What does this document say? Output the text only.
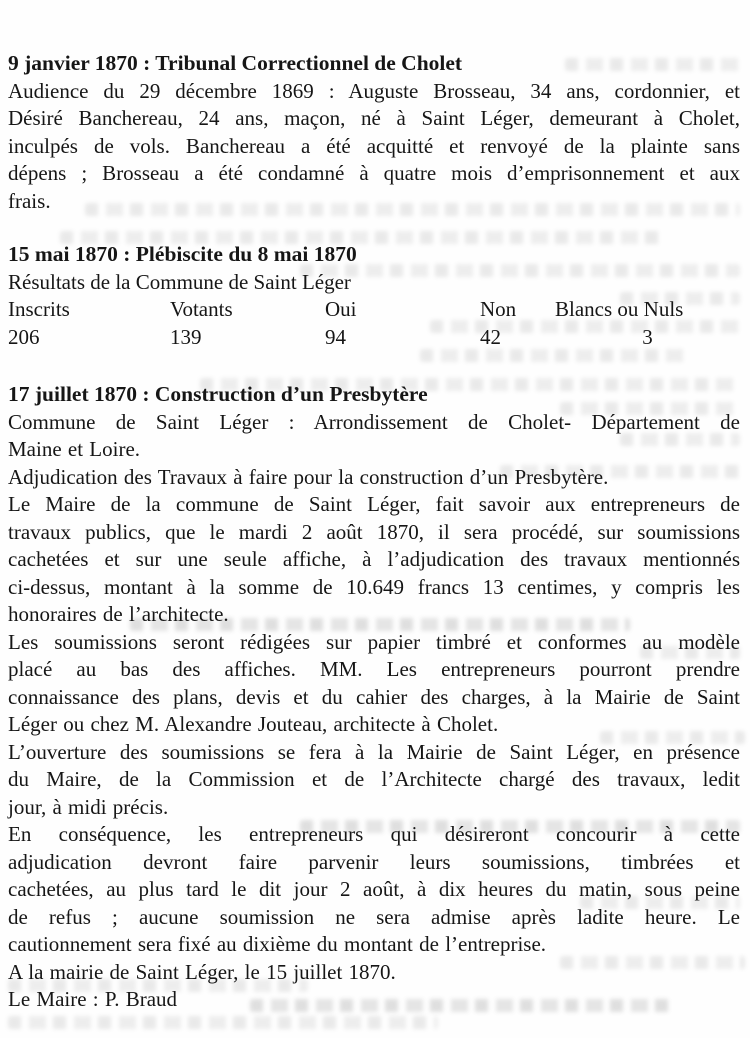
9 janvier 1870 : Tribunal Correctionnel de Cholet
Audience du 29 décembre 1869 : Auguste Brosseau, 34 ans, cordonnier, et
Désiré Banchereau, 24 ans, maçon, né à Saint Léger, demeurant à Cholet,
inculpés de vols. Banchereau a été acquitté et renvoyé de la plainte sans
dépens ; Brosseau a été condamné à quatre mois d’emprisonnement et aux
frais.
15 mai 1870 : Plébiscite du 8 mai 1870
Résultats de la Commune de Saint Léger
Inscrits	Votants	Oui	Non	Blancs ou Nuls
206	139	94	42	3
17 juillet 1870 : Construction d’un Presbytère
Commune de Saint Léger : Arrondissement de Cholet- Département de
Maine et Loire.
Adjudication des Travaux à faire pour la construction d’un Presbytère.
Le Maire de la commune de Saint Léger, fait savoir aux entrepreneurs de
travaux publics, que le mardi 2 août 1870, il sera procédé, sur soumissions
cachetées et sur une seule affiche, à l’adjudication des travaux mentionnés
ci-dessus, montant à la somme de 10.649 francs 13 centimes, y compris les
honoraires de l’architecte.
Les soumissions seront rédigées sur papier timbré et conformes au modèle
placé au bas des affiches. MM. Les entrepreneurs pourront prendre
connaissance des plans, devis et du cahier des charges, à la Mairie de Saint
Léger ou chez M. Alexandre Jouteau, architecte à Cholet.
L’ouverture des soumissions se fera à la Mairie de Saint Léger, en présence
du Maire, de la Commission et de l’Architecte chargé des travaux, ledit
jour, à midi précis.
En conséquence, les entrepreneurs qui désireront concourir à cette
adjudication devront faire parvenir leurs soumissions, timbrées et
cachetées, au plus tard le dit jour 2 août, à dix heures du matin, sous peine
de refus ; aucune soumission ne sera admise après ladite heure. Le
cautionnement sera fixé au dixième du montant de l’entreprise.
A la mairie de Saint Léger, le 15 juillet 1870.
Le Maire : P. Braud
